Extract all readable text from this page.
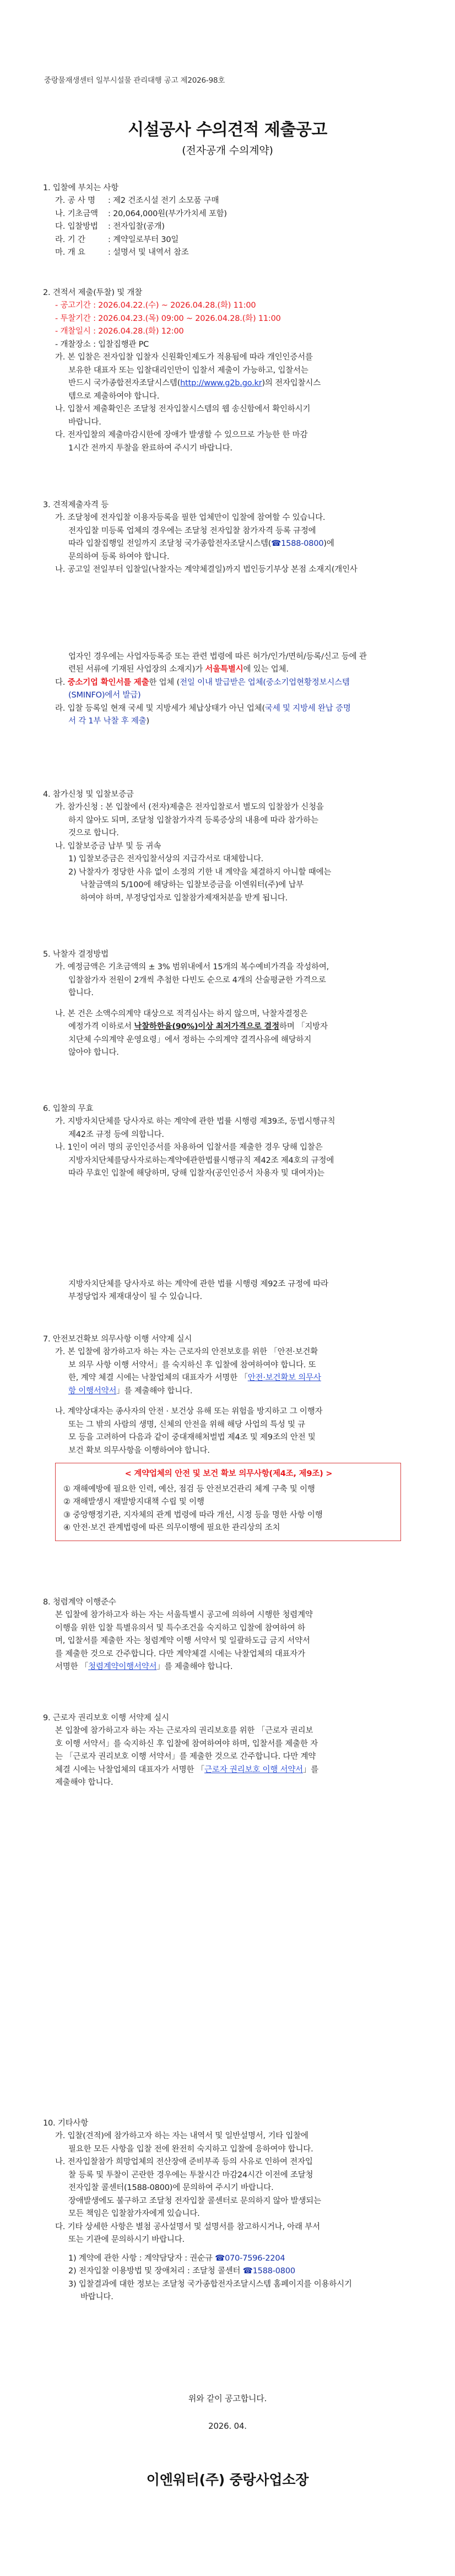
중랑물재생센터 일부시설물 관리대행 공고 제2026-98호
시설공사 수의견적 제출공고
(전자공개 수의계약)
1. 입찰에 부치는 사항
가. 공 사 명 : 제2 건조시설 전기 소모품 구매
나. 기초금액 : 20,064,000원(부가가치세 포함)
다. 입찰방법 : 전자입찰(공개)
라. 기 간	: 계약일로부터 30일
마. 개 요	: 설명서 및 내역서 참조
2. 견적서 제출(투찰) 및 개찰
- 공고기간 : 2026.04.22.(수) ~ 2026.04.28.(화) 11:00
- 투찰기간 : 2026.04.23.(목) 09:00 ~ 2026.04.28.(화) 11:00
- 개찰일시 : 2026.04.28.(화) 12:00
- 개찰장소 : 입찰집행관 PC
가. 본 입찰은 전자입찰 입찰자 신원확인제도가 적용됨에 따라 개인인증서를
보유한 대표자 또는 입찰대리인만이 입찰서 제출이 가능하고, 입찰서는
반드시 국가종합전자조달시스템(http://www.g2b.go.kr)의 전자입찰시스
템으로 제출하여야 합니다.
나. 입찰서 제출확인은 조달청 전자입찰시스템의 웹 송신함에서 확인하시기
바랍니다.
다. 전자입찰의 제출마감시한에 장애가 발생할 수 있으므로 가능한 한 마감
1시간 전까지 투찰을 완료하여 주시기 바랍니다.
3. 견적제출자격 등
가. 조달청에 전자입찰 이용자등록을 필한 업체만이 입찰에 참여할 수 있습니다.
전자입찰 미등록 업체의 경우에는 조달청 전자입찰 참가자격 등록 규정에
따라 입찰집행일 전일까지 조달청 국가종합전자조달시스템(☎1588-0800)에
문의하여 등록 하여야 합니다.
나. 공고일 전일부터 입찰일(낙찰자는 계약체결일)까지 법인등기부상 본점 소재지(개인사
업자인 경우에는 사업자등록증 또는 관련 법령에 따른 허가/인가/면허/등록/신고 등에 관
련된 서류에 기재된 사업장의 소재지)가 서울특별시에 있는 업체.
다. 중소기업 확인서를 제출한 업체 (전일 이내 발급받은 업체(중소기업현황정보시스템
(SMINFO)에서 발급)
라. 입찰 등록일 현재 국세 및 지방세가 체납상태가 아닌 업체(국세 및 지방세 완납 증명
서 각 1부 낙찰 후 제출)
4. 참가신청 및 입찰보증금
가. 참가신청 : 본 입찰에서 (전자)제출은 전자입찰로서 별도의 입찰참가 신청을
하지 않아도 되며, 조달청 입찰참가자격 등록증상의 내용에 따라 참가하는
것으로 합니다.
나. 입찰보증금 납부 및 등 귀속
1) 입찰보증금은 전자입찰서상의 지급각서로 대체합니다.
2) 낙찰자가 정당한 사유 없이 소정의 기한 내 계약을 체결하지 아니할 때에는
낙찰금액의 5/100에 해당하는 입찰보증금을 이엔워터(주)에 납부
하여야 하며, 부정당업자로 입찰참가제재처분을 받게 됩니다.
5. 낙찰자 결정방법
가. 예정금액은 기초금액의 ± 3% 범위내에서 15개의 복수예비가격을 작성하여,
입찰참가자 전원이 2개씩 추첨한 다빈도 순으로 4개의 산술평균한 가격으로
합니다.
나. 본 건은 소액수의계약 대상으로 적격심사는 하지 않으며, 낙찰자결정은
예정가격 이하로서 낙찰하한율(90%)이상 최저가격으로 결정하며 「지방자
치단체 수의계약 운영요령」에서 정하는 수의계약 결격사유에 해당하지
않아야 합니다.
6. 입찰의 무효
가. 지방자치단체를 당사자로 하는 계약에 관한 법률 시행령 제39조, 동법시행규칙
제42조 규정 등에 의합니다.
나. 1인이 여러 명의 공인인증서를 차용하여 입찰서를 제출한 경우 당해 입찰은
지방자치단체를당사자로하는계약에관한법률시행규칙 제42조 제4호의 규정에
따라 무효인 입찰에 해당하며, 당해 입찰자(공인인증서 차용자 및 대여자)는
지방자치단체를 당사자로 하는 계약에 관한 법률 시행령 제92조 규정에 따라
부정당업자 제재대상이 될 수 있습니다.
7. 안전보건확보 의무사항 이행 서약제 실시
가. 본 입찰에 참가하고자 하는 자는 근로자의 안전보호를 위한 「안전·보건확
보 의무 사항 이행 서약서」를 숙지하신 후 입찰에 참여하여야 합니다. 또
한, 계약 체결 시에는 낙찰업체의 대표자가 서명한 「안전·보건확보 의무사
항 이행서약서」를 제출해야 합니다.
나. 계약상대자는 종사자의 안전 · 보건상 유해 또는 위험을 방지하고 그 이행자
또는 그 밖의 사람의 생명, 신체의 안전을 위해 해당 사업의 특성 및 규
모 등을 고려하여 다음과 같이 중대재해처벌법 제4조 및 제9조의 안전 및
보건 확보 의무사항을 이행하여야 합니다.
< 계약업체의 안전 및 보건 확보 의무사항(제4조, 제9조) >
① 재해예방에 필요한 인력, 예산, 점검 등 안전보건관리 체계 구축 및 이행
② 재해발생시 재발방지대책 수립 및 이행
③ 중앙행정기관, 지자체의 관계 법령에 따라 개선, 시정 등을 명한 사항 이행
④ 안전·보건 관계법령에 따른 의무이행에 필요한 관리상의 조치
8. 청렴계약 이행준수
본 입찰에 참가하고자 하는 자는 서울특별시 공고에 의하여 시행한 청렴계약
이행을 위한 입찰 특별유의서 및 특수조건을 숙지하고 입찰에 참여하여 하
며, 입찰서를 제출한 자는 청렴계약 이행 서약서 및 일괄하도급 금지 서약서
를 제출한 것으로 간주합니다. 다만 계약체결 시에는 낙찰업체의 대표자가
서명한 「청렴계약이행서약서」를 제출해야 합니다.
9. 근로자 권리보호 이행 서약제 실시
본 입찰에 참가하고자 하는 자는 근로자의 권리보호를 위한 「근로자 권리보
호 이행 서약서」를 숙지하신 후 입찰에 참여하여야 하며, 입찰서를 제출한 자
는 「근로자 권리보호 이행 서약서」를 제출한 것으로 간주합니다. 다만 계약
체결 시에는 낙찰업체의 대표자가 서명한 「근로자 권리보호 이행 서약서」를
제출해야 합니다.
10. 기타사항
가. 입찰(견적)에 참가하고자 하는 자는 내역서 및 일반설명서, 기타 입찰에
필요한 모든 사항을 입찰 전에 완전히 숙지하고 입찰에 응하여야 합니다.
나. 전자입찰참가 희망업체의 전산장애 준비부족 등의 사유로 인하여 전자입
찰 등록 및 투찰이 곤란한 경우에는 투찰시간 마감24시간 이전에 조달청
전자입찰 콜센터(1588-0800)에 문의하여 주시기 바랍니다.
장애발생에도 불구하고 조달청 전자입찰 콜센터로 문의하지 않아 발생되는
모든 책임은 입찰참가자에게 있습니다.
다. 기타 상세한 사항은 별첨 공사설명서 및 설명서를 참고하시거나, 아래 부서
또는 기관에 문의하시기 바랍니다.
1) 계약에 관한 사항 : 계약담당자 : 권순규 ☎070-7596-2204
2) 전자입찰 이용방법 및 장애처리 : 조달청 콜센터 ☎1588-0800
3) 입찰결과에 대한 정보는 조달청 국가종합전자조달시스템 홈페이지를 이용하시기
바랍니다.
위와 같이 공고합니다.
2026. 04.
이엔워터(주) 중랑사업소장
